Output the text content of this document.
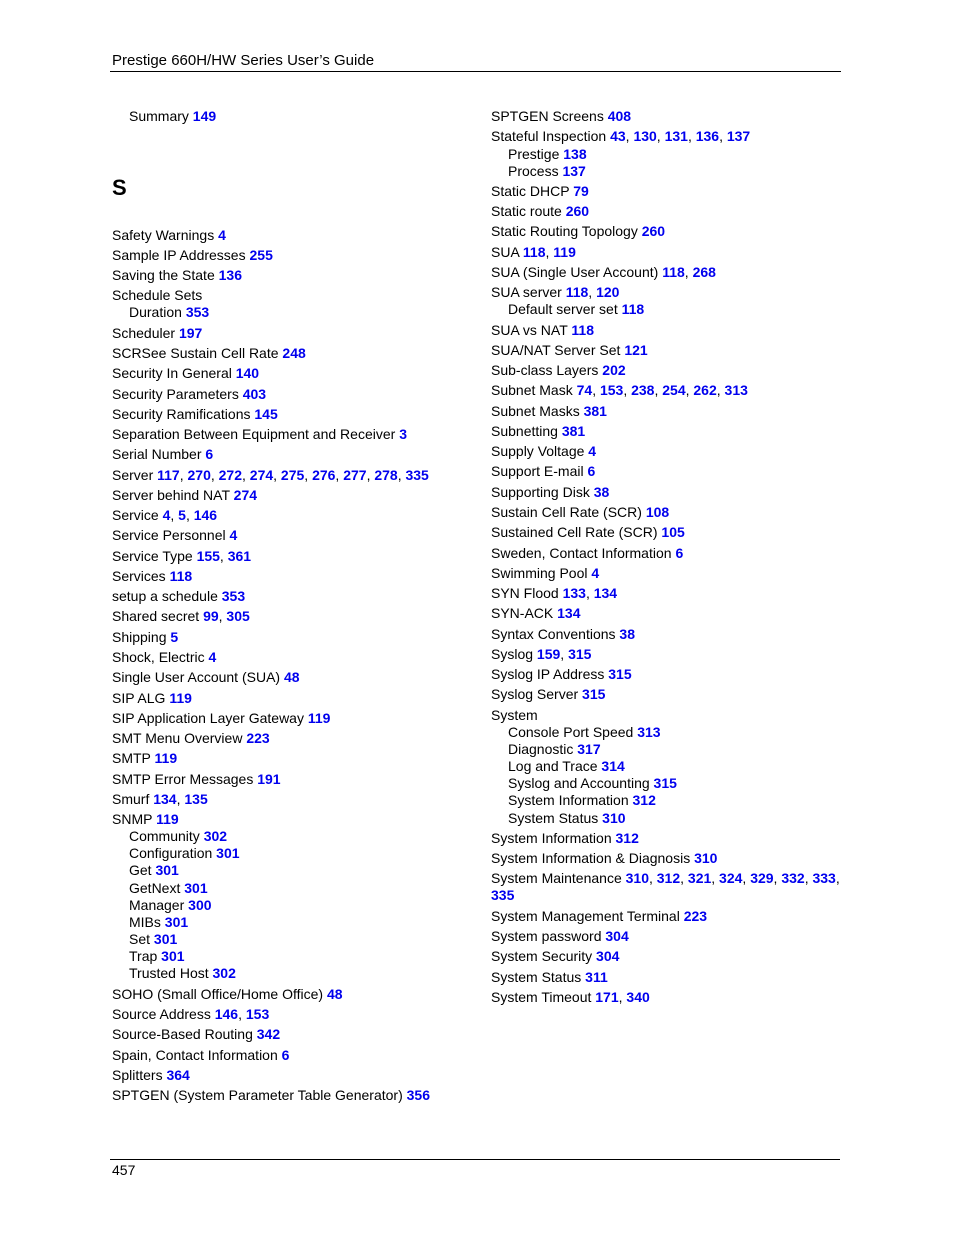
Prestige 660H/HW Series User’s Guide
S
Summary 149
Safety Warnings 4
Sample IP Addresses 255
Saving the State 136
Schedule Sets
Duration 353
Scheduler 197
SCRSee Sustain Cell Rate 248
Security In General 140
Security Parameters 403
Security Ramifications 145
Separation Between Equipment and Receiver 3
Serial Number 6
Server 117, 270, 272, 274, 275, 276, 277, 278, 335
Server behind NAT 274
Service 4, 5, 146
Service Personnel 4
Service Type 155, 361
Services 118
setup a schedule 353
Shared secret 99, 305
Shipping 5
Shock, Electric 4
Single User Account (SUA) 48
SIP ALG 119
SIP Application Layer Gateway 119
SMT Menu Overview 223
SMTP 119
SMTP Error Messages 191
Smurf 134, 135
SNMP 119
Community 302
Configuration 301
Get 301
GetNext 301
Manager 300
MIBs 301
Set 301
Trap 301
Trusted Host 302
SOHO (Small Office/Home Office) 48
Source Address 146, 153
Source-Based Routing 342
Spain, Contact Information 6
Splitters 364
SPTGEN (System Parameter Table Generator) 356
SPTGEN Screens 408
Stateful Inspection 43, 130, 131, 136, 137
Prestige 138
Process 137
Static DHCP 79
Static route 260
Static Routing Topology 260
SUA 118, 119
SUA (Single User Account) 118, 268
SUA server 118, 120
Default server set 118
SUA vs NAT 118
SUA/NAT Server Set 121
Sub-class Layers 202
Subnet Mask 74, 153, 238, 254, 262, 313
Subnet Masks 381
Subnetting 381
Supply Voltage 4
Support E-mail 6
Supporting Disk 38
Sustain Cell Rate (SCR) 108
Sustained Cell Rate (SCR) 105
Sweden, Contact Information 6
Swimming Pool 4
SYN Flood 133, 134
SYN-ACK 134
Syntax Conventions 38
Syslog 159, 315
Syslog IP Address 315
Syslog Server 315
System
Console Port Speed 313
Diagnostic 317
Log and Trace 314
Syslog and Accounting 315
System Information 312
System Status 310
System Information 312
System Information & Diagnosis 310
System Maintenance 310, 312, 321, 324, 329, 332, 333,
335
System Management Terminal 223
System password 304
System Security 304
System Status 311
System Timeout 171, 340
457
